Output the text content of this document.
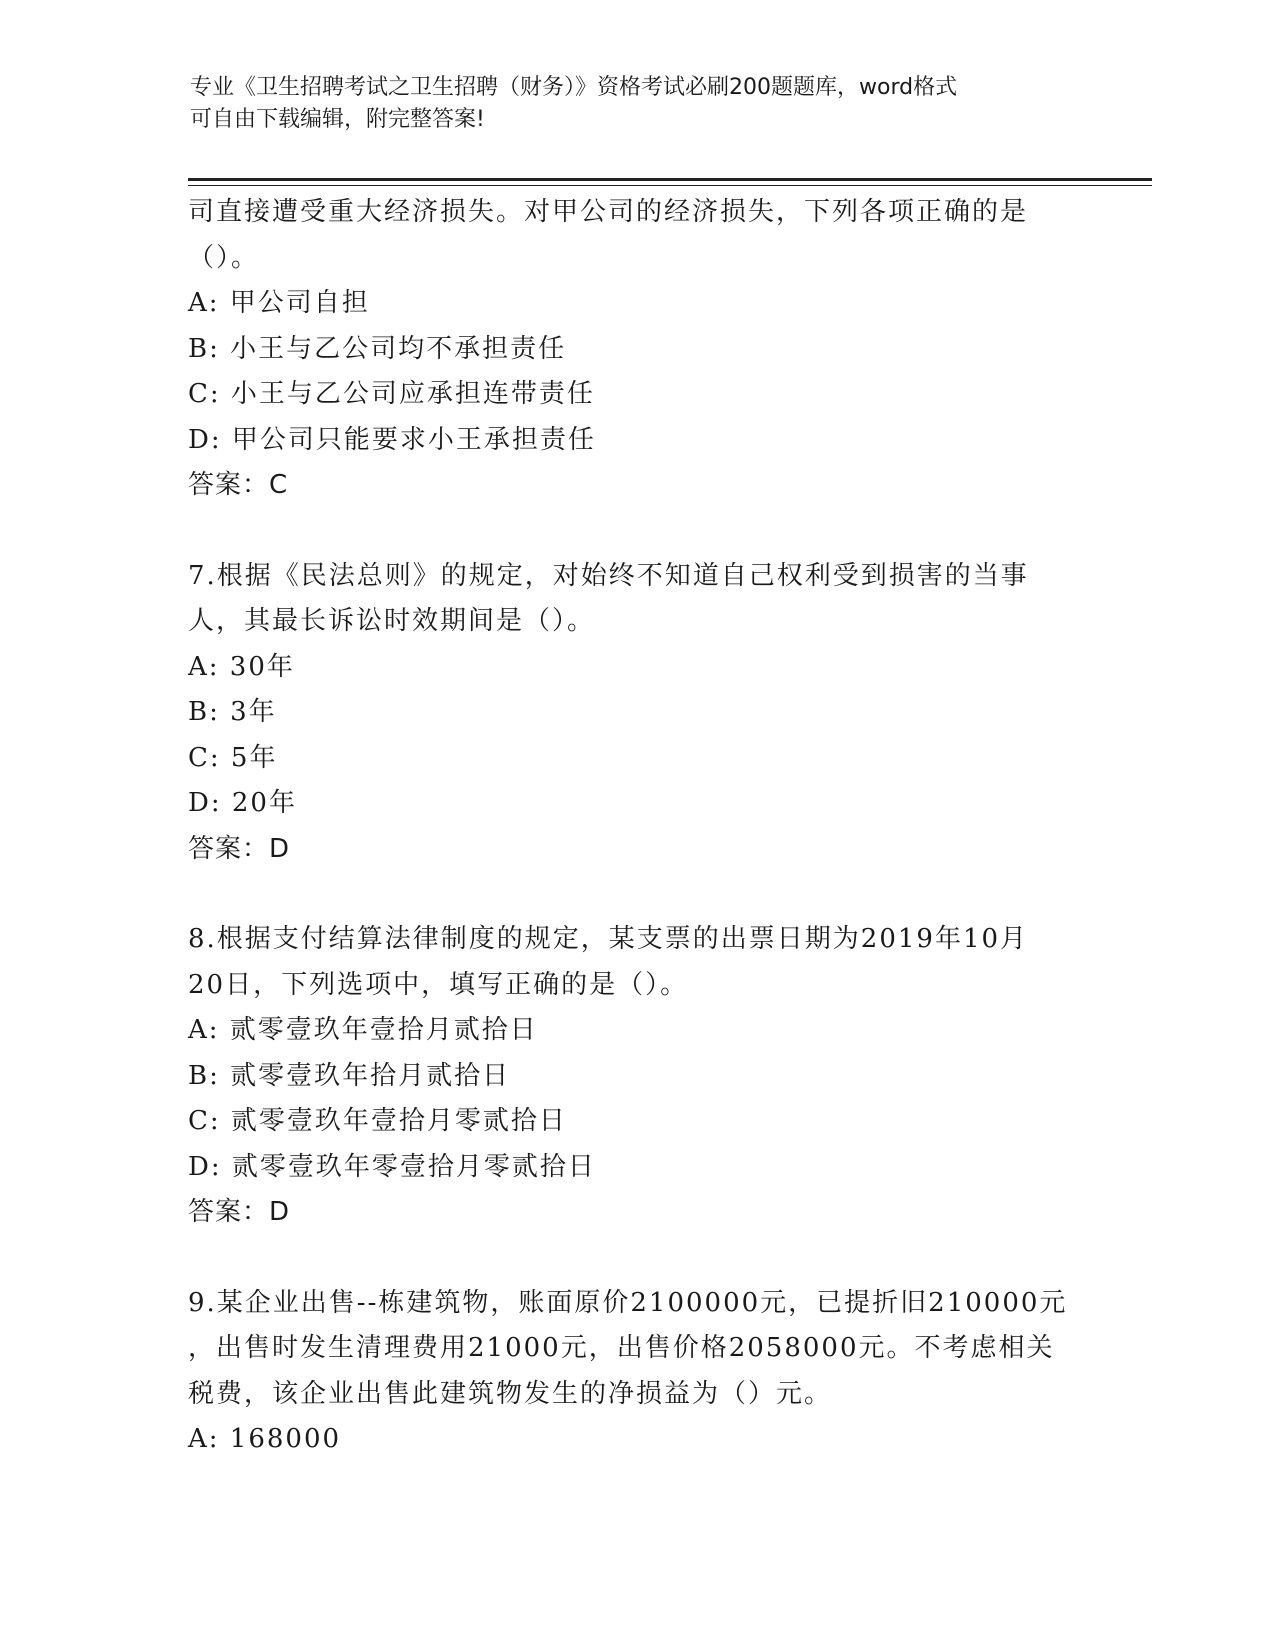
专业《卫生招聘考试之卫生招聘（财务）》资格考试必刷200题题库，word格式
可自由下载编辑，附完整答案!
司直接遭受重大经济损失。对甲公司的经济损失，下列各项正确的是
（）。
A: 甲公司自担
B: 小王与乙公司均不承担责任
C: 小王与乙公司应承担连带责任
D: 甲公司只能要求小王承担责任
答案：C
7.根据《民法总则》的规定，对始终不知道自己权利受到损害的当事
人，其最长诉讼时效期间是（）。
A: 30年
B: 3年
C: 5年
D: 20年
答案：D
8.根据支付结算法律制度的规定，某支票的出票日期为2019年10月
20日，下列选项中，填写正确的是（）。
A: 贰零壹玖年壹拾月贰拾日
B: 贰零壹玖年拾月贰拾日
C: 贰零壹玖年壹拾月零贰拾日
D: 贰零壹玖年零壹拾月零贰拾日
答案：D
9.某企业出售--栋建筑物，账面原价2100000元，已提折旧210000元
，出售时发生清理费用21000元，出售价格2058000元。不考虑相关
税费，该企业出售此建筑物发生的净损益为（）元。
A: 168000
